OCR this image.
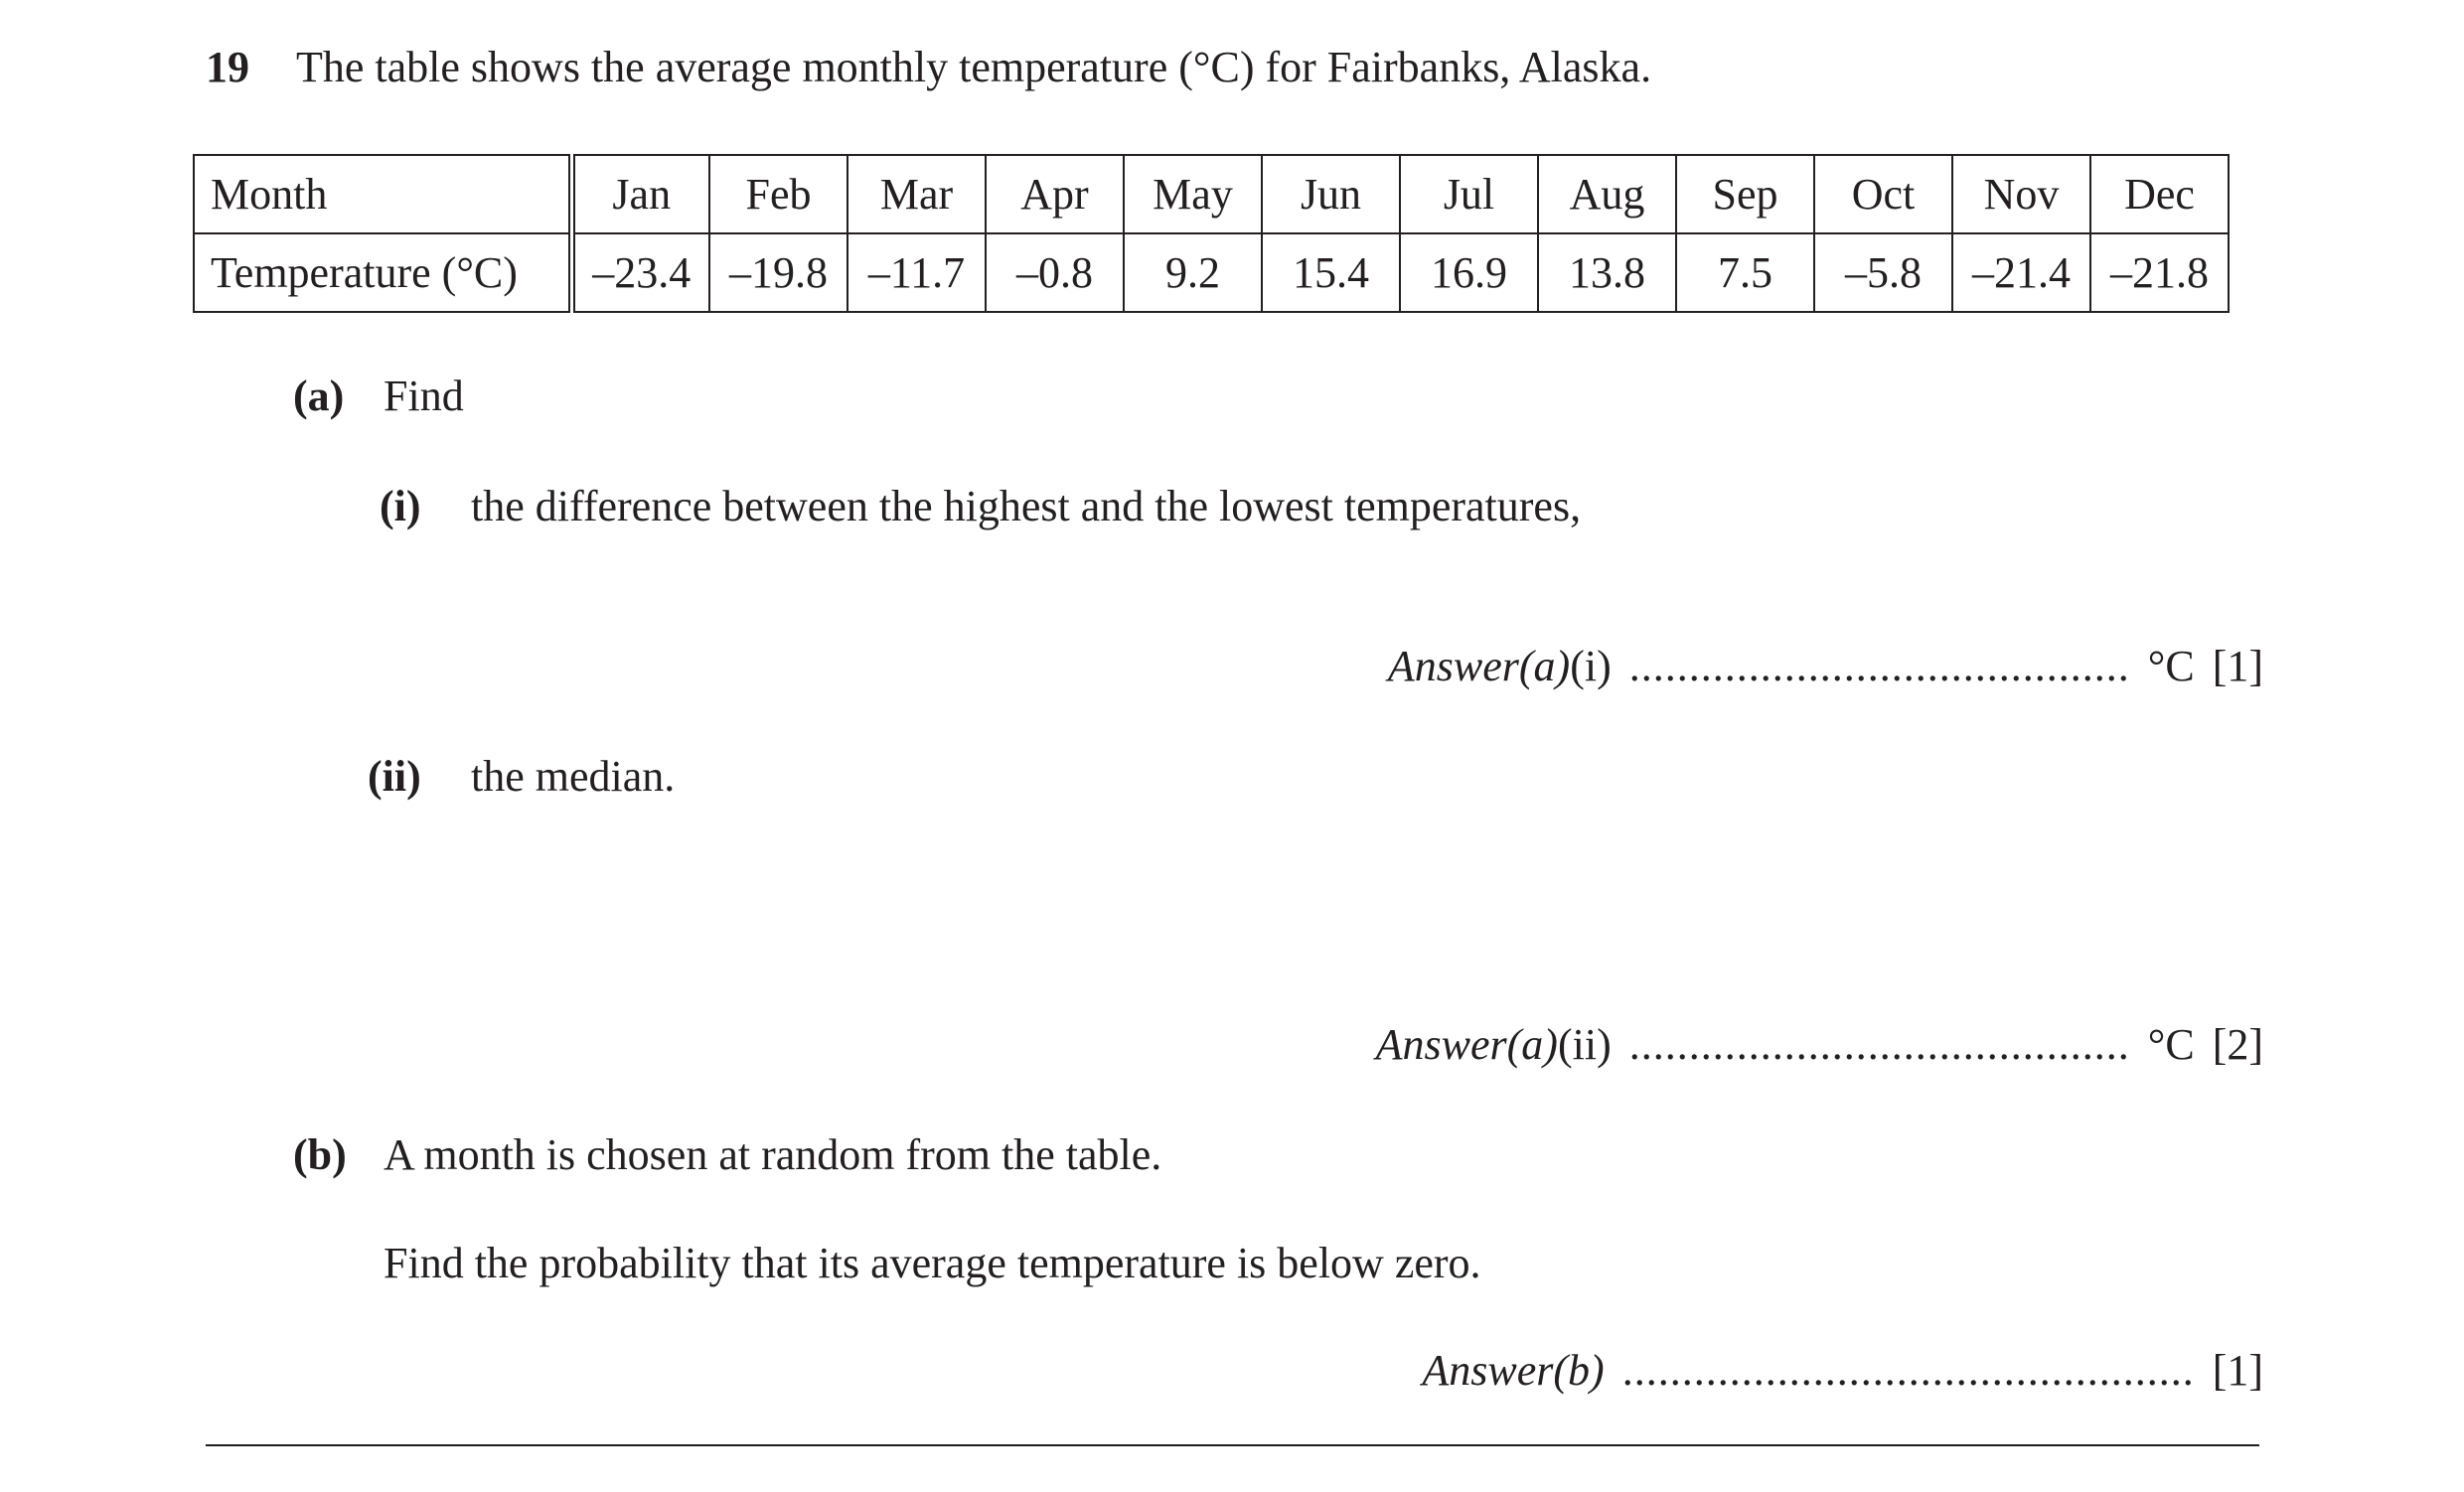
19 The table shows the average monthly temperature (°C) for Fairbanks, Alaska.
Month	Jan	Feb	Mar	Apr	May	Jun	Jul	Aug	Sep	Oct	Nov	Dec
Temperature (°C)	–23.4	–19.8	–11.7	–0.8	9.2	15.4	16.9	13.8	7.5	–5.8	–21.4	–21.8
(a) Find
(i) the difference between the highest and the lowest temperatures,
Answer(a)(i) .......................................... °C [1]
(ii) the median.
Answer(a)(ii) .......................................... °C [2]
(b) A month is chosen at random from the table.
Find the probability that its average temperature is below zero.
Answer(b) ................................................ [1]
